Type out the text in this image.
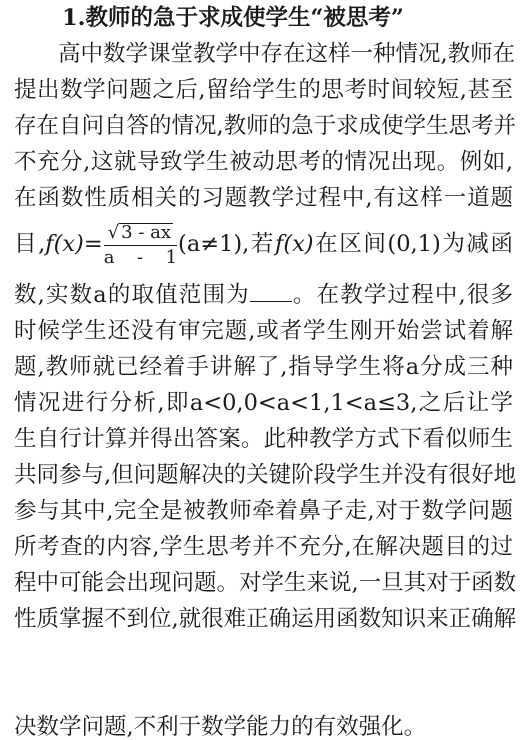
1.教师的急于求成使学生“被思考”
高中数学课堂教学中存在这样一种情况,教师在
提出数学问题之后,留给学生的思考时间较短,甚至
存在自问自答的情况,教师的急于求成使学生思考并
不充分,这就导致学生被动思考的情况出现。例如,
在函数性质相关的习题教学过程中,有这样一道题
目$,f(x)= \frac{√ 3 - ax}{a - 1} (a\ne 1)$,若f(x)在区间(0,1)为减函
数,实数a的取值范围为 。在教学过程中,很多
时候学生还没有审完题,或者学生刚开始尝试着解
题,教师就已经着手讲解了,指导学生将a分成三种
情况进行分析,即a<0,0<a<1,1<a≤3,之后让学
生自行计算并得出答案。此种教学方式下看似师生
共同参与,但问题解决的关键阶段学生并没有很好地
参与其中,完全是被教师牵着鼻子走,对于数学问题
所考查的内容,学生思考并不充分,在解决题目的过
程中可能会出现问题。对学生来说,一旦其对于函数
性质掌握不到位,就很难正确运用函数知识来正确解
决数学问题,不利于数学能力的有效强化。
